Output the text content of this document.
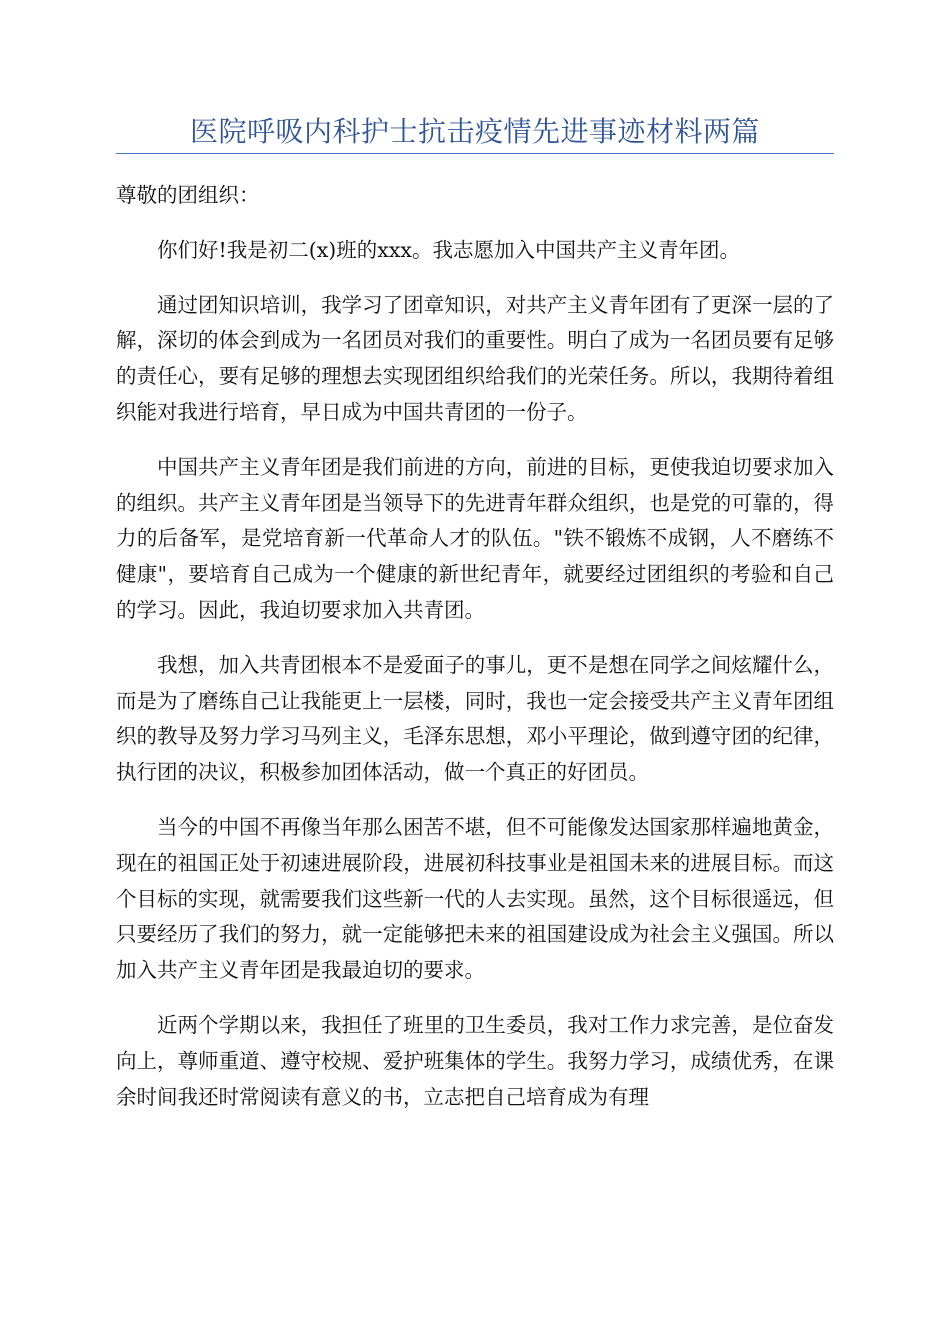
医院呼吸内科护士抗击疫情先进事迹材料两篇

尊敬的团组织：

你们好!我是初二(x)班的xxx。我志愿加入中国共产主义青年团。

通过团知识培训，我学习了团章知识，对共产主义青年团有了更深一层的了解，深切的体会到成为一名团员对我们的重要性。明白了成为一名团员要有足够的责任心，要有足够的理想去实现团组织给我们的光荣任务。所以，我期待着组织能对我进行培育，早日成为中国共青团的一份子。

中国共产主义青年团是我们前进的方向，前进的目标，更使我迫切要求加入的组织。共产主义青年团是当领导下的先进青年群众组织，也是党的可靠的，得力的后备军，是党培育新一代革命人才的队伍。"铁不锻炼不成钢，人不磨练不健康"，要培育自己成为一个健康的新世纪青年，就要经过团组织的考验和自己的学习。因此，我迫切要求加入共青团。

我想，加入共青团根本不是爱面子的事儿，更不是想在同学之间炫耀什么，而是为了磨练自己让我能更上一层楼，同时，我也一定会接受共产主义青年团组织的教导及努力学习马列主义，毛泽东思想，邓小平理论，做到遵守团的纪律，执行团的决议，积极参加团体活动，做一个真正的好团员。

当今的中国不再像当年那么困苦不堪，但不可能像发达国家那样遍地黄金，现在的祖国正处于初速进展阶段，进展初科技事业是祖国未来的进展目标。而这个目标的实现，就需要我们这些新一代的人去实现。虽然，这个目标很遥远，但只要经历了我们的努力，就一定能够把未来的祖国建设成为社会主义强国。所以加入共产主义青年团是我最迫切的要求。

近两个学期以来，我担任了班里的卫生委员，我对工作力求完善，是位奋发向上，尊师重道、遵守校规、爱护班集体的学生。我努力学习，成绩优秀，在课余时间我还时常阅读有意义的书，立志把自己培育成为有理
